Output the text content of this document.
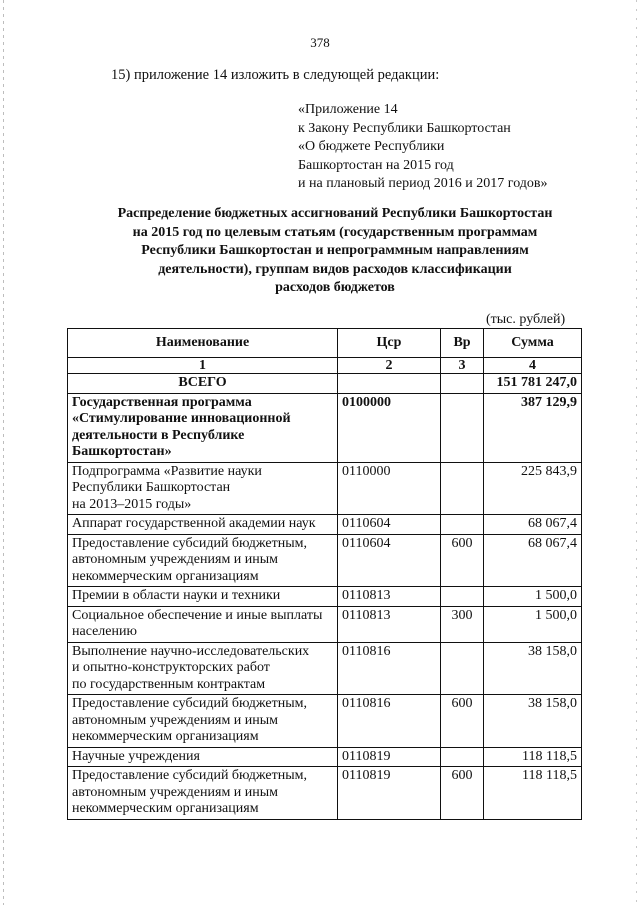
378
15) приложение 14 изложить в следующей редакции:
«Приложение 14
к Закону Республики Башкортостан
«О бюджете Республики
Башкортостан на 2015 год
и на плановый период 2016 и 2017 годов»
Распределение бюджетных ассигнований Республики Башкортостан
на 2015 год по целевым статьям (государственным программам
Республики Башкортостан и непрограммным направлениям
деятельности), группам видов расходов классификации
расходов бюджетов
(тыс. рублей)
Наименование	Цср	Вр	Сумма
1	2	3	4

ВСЕГО			151 781 247,0

Государственная программа
«Стимулирование инновационной
деятельности в Республике
Башкортостан»	0100000		387 129,9

Подпрограмма «Развитие науки
Республики Башкортостан
на 2013–2015 годы»	0110000		225 843,9

Аппарат государственной академии наук	0110604		68 067,4

Предоставление субсидий бюджетным,
автономным учреждениям и иным
некоммерческим организациям	0110604	600	68 067,4

Премии в области науки и техники	0110813		1 500,0

Социальное обеспечение и иные выплаты
населению	0110813	300	1 500,0

Выполнение научно-исследовательских
и опытно-конструкторских работ
по государственным контрактам	0110816		38 158,0

Предоставление субсидий бюджетным,
автономным учреждениям и иным
некоммерческим организациям	0110816	600	38 158,0

Научные учреждения	0110819		118 118,5

Предоставление субсидий бюджетным,
автономным учреждениям и иным
некоммерческим организациям	0110819	600	118 118,5
